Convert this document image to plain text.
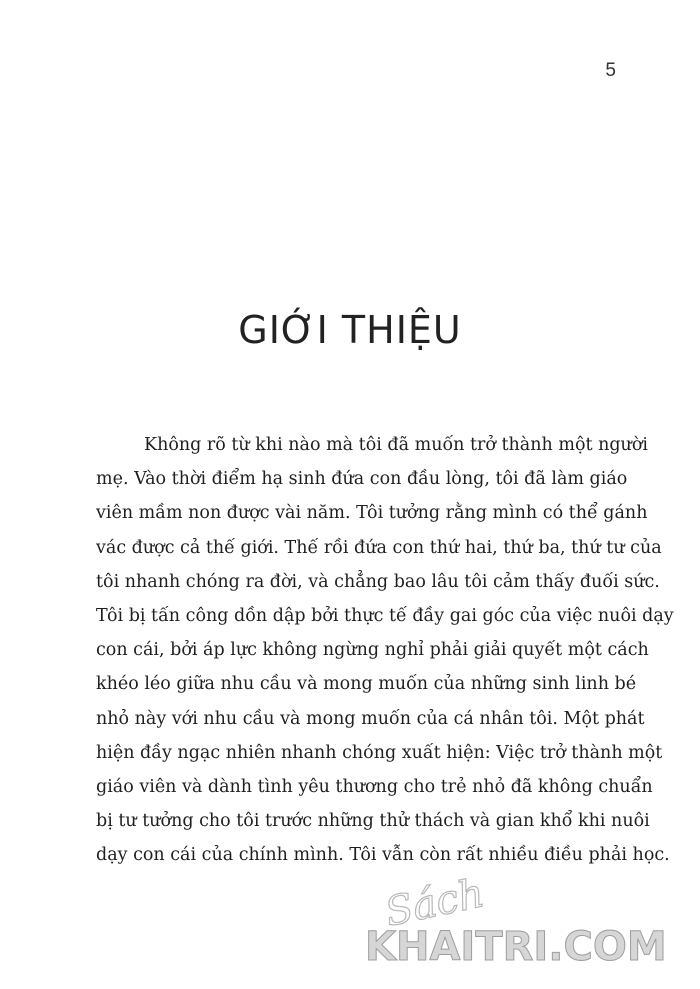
5
GIỚI THIỆU
Không rõ từ khi nào mà tôi đã muốn trở thành một người
mẹ. Vào thời điểm hạ sinh đứa con đầu lòng, tôi đã làm giáo
viên mầm non được vài năm. Tôi tưởng rằng mình có thể gánh
vác được cả thế giới. Thế rồi đứa con thứ hai, thứ ba, thứ tư của
tôi nhanh chóng ra đời, và chẳng bao lâu tôi cảm thấy đuối sức.
Tôi bị tấn công dồn dập bởi thực tế đầy gai góc của việc nuôi dạy
con cái, bởi áp lực không ngừng nghỉ phải giải quyết một cách
khéo léo giữa nhu cầu và mong muốn của những sinh linh bé
nhỏ này với nhu cầu và mong muốn của cá nhân tôi. Một phát
hiện đầy ngạc nhiên nhanh chóng xuất hiện: Việc trở thành một
giáo viên và dành tình yêu thương cho trẻ nhỏ đã không chuẩn
bị tư tưởng cho tôi trước những thử thách và gian khổ khi nuôi
dạy con cái của chính mình. Tôi vẫn còn rất nhiều điều phải học.
Sách
KHAITRI.COM
